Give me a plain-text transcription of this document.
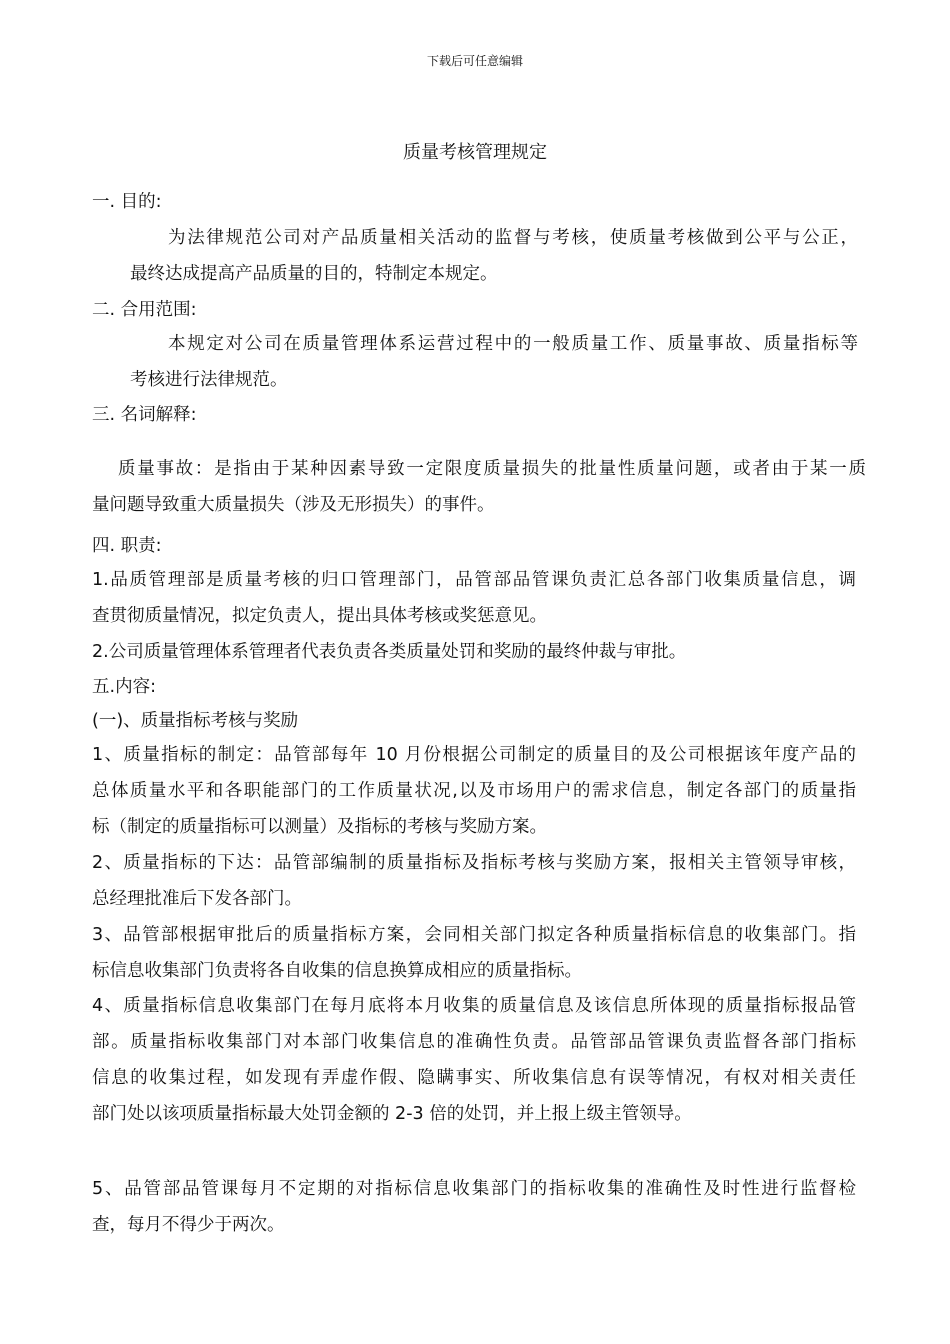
下载后可任意编辑
质量考核管理规定
一. 目的:
为法律规范公司对产品质量相关活动的监督与考核，使质量考核做到公平与公正，
最终达成提高产品质量的目的，特制定本规定。
二. 合用范围:
本规定对公司在质量管理体系运营过程中的一般质量工作、质量事故、质量指标等
考核进行法律规范。
三. 名词解释:
质量事故：是指由于某种因素导致一定限度质量损失的批量性质量问题，或者由于某一质
量问题导致重大质量损失（涉及无形损失）的事件。
四. 职责:
1.品质管理部是质量考核的归口管理部门，品管部品管课负责汇总各部门收集质量信息，调
查贯彻质量情况，拟定负责人，提出具体考核或奖惩意见。
2.公司质量管理体系管理者代表负责各类质量处罚和奖励的最终仲裁与审批。
五.内容:
(一)、质量指标考核与奖励
1、质量指标的制定：品管部每年 10 月份根据公司制定的质量目的及公司根据该年度产品的
总体质量水平和各职能部门的工作质量状况,以及市场用户的需求信息，制定各部门的质量指
标（制定的质量指标可以测量）及指标的考核与奖励方案。
2、质量指标的下达：品管部编制的质量指标及指标考核与奖励方案，报相关主管领导审核，
总经理批准后下发各部门。
3、品管部根据审批后的质量指标方案，会同相关部门拟定各种质量指标信息的收集部门。指
标信息收集部门负责将各自收集的信息换算成相应的质量指标。
4、质量指标信息收集部门在每月底将本月收集的质量信息及该信息所体现的质量指标报品管
部。质量指标收集部门对本部门收集信息的准确性负责。品管部品管课负责监督各部门指标
信息的收集过程，如发现有弄虚作假、隐瞒事实、所收集信息有误等情况，有权对相关责任
部门处以该项质量指标最大处罚金额的 2-3 倍的处罚，并上报上级主管领导。
5、品管部品管课每月不定期的对指标信息收集部门的指标收集的准确性及时性进行监督检
查，每月不得少于两次。
